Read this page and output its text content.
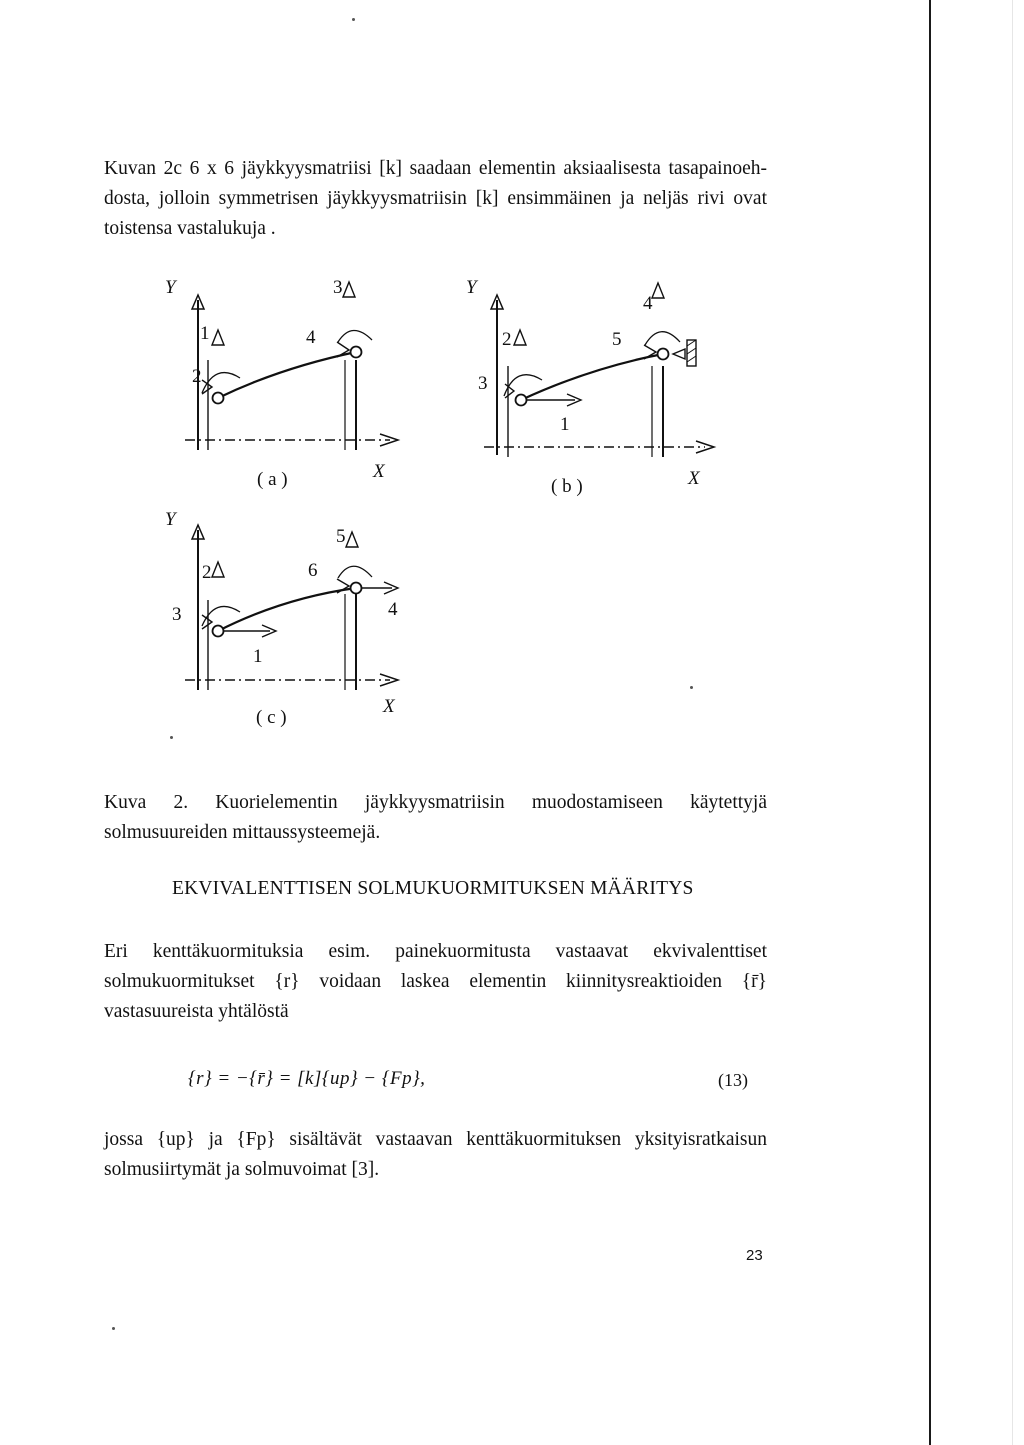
Kuvan 2c 6 x 6 jäykkyysmatriisi [k] saadaan elementin aksiaalisesta tasapainoeh-
dosta, jolloin symmetrisen jäykkyysmatriisin [k] ensimmäinen ja neljäs rivi ovat
toistensa vastalukuja .
Y
X
1
2
3
4
( a )
Y
X
1
2
3
4
5
( b )
Y
X
1
2
3	4
5
6
( c )
Kuva 2. Kuorielementin jäykkyysmatriisin muodostamiseen käytettyjä
solmusuureiden mittaussysteemejä.
EKVIVALENTTISEN SOLMUKUORMITUKSEN MÄÄRITYS
Eri kenttäkuormituksia esim. painekuormitusta vastaavat ekvivalenttiset
solmukuormitukset {r} voidaan laskea elementin kiinnitysreaktioiden {r̄}
vastasuureista yhtälöstä
{r} = −{r̄} = [k]{up} − {Fp},	(13)
jossa {up} ja {Fp} sisältävät vastaavan kenttäkuormituksen yksityisratkaisun
solmusiirtymät ja solmuvoimat [3].
23
